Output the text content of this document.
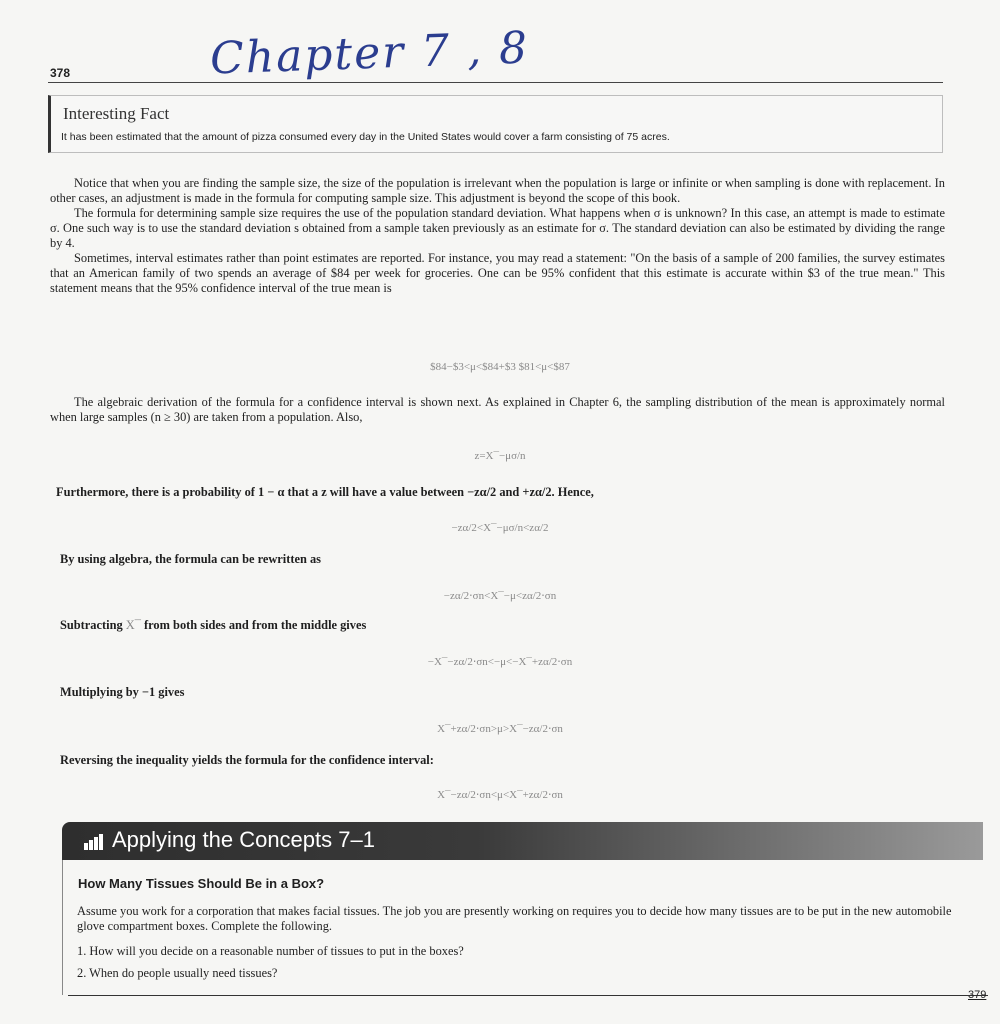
378	Chapter 7 , 8
Interesting Fact
It has been estimated that the amount of pizza consumed every day in the United States would cover a farm consisting of 75 acres.

Notice that when you are finding the sample size, the size of the population is irrelevant when the population is large or infinite or when sampling is done with replacement. In other cases, an adjustment is made in the formula for computing sample size. This adjustment is beyond the scope of this book.

The formula for determining sample size requires the use of the population standard deviation. What happens when σ is unknown? In this case, an attempt is made to estimate σ. One such way is to use the standard deviation s obtained from a sample taken previously as an estimate for σ. The standard deviation can also be estimated by dividing the range by 4.

Sometimes, interval estimates rather than point estimates are reported. For instance, you may read a statement: "On the basis of a sample of 200 families, the survey estimates that an American family of two spends an average of $84 per week for groceries. One can be 95% confident that this estimate is accurate within $3 of the true mean." This statement means that the 95% confidence interval of the true mean is

$84−$3<μ<$84+$3 $81<μ<$87

The algebraic derivation of the formula for a confidence interval is shown next. As explained in Chapter 6, the sampling distribution of the mean is approximately normal when large samples (n ≥ 30) are taken from a population. Also,

z=X¯−μσ/n
Furthermore, there is a probability of 1 − α that a z will have a value between −zα/2 and +zα/2. Hence,
−zα/2<X¯−μσ/n<zα/2
By using algebra, the formula can be rewritten as
−zα/2⋅σn<X¯−μ<zα/2⋅σn
Subtracting X¯ from both sides and from the middle gives
−X¯−zα/2⋅σn<−μ<−X¯+zα/2⋅σn
Multiplying by −1 gives
X¯+zα/2⋅σn>μ>X¯−zα/2⋅σn
Reversing the inequality yields the formula for the confidence interval:
X¯−zα/2⋅σn<μ<X¯+zα/2⋅σn
Applying the Concepts 7–1
How Many Tissues Should Be in a Box?
Assume you work for a corporation that makes facial tissues. The job you are presently working on requires you to decide how many tissues are to be put in the new automobile glove compartment boxes. Complete the following.
1. How will you decide on a reasonable number of tissues to put in the boxes?
2. When do people usually need tissues?
379
